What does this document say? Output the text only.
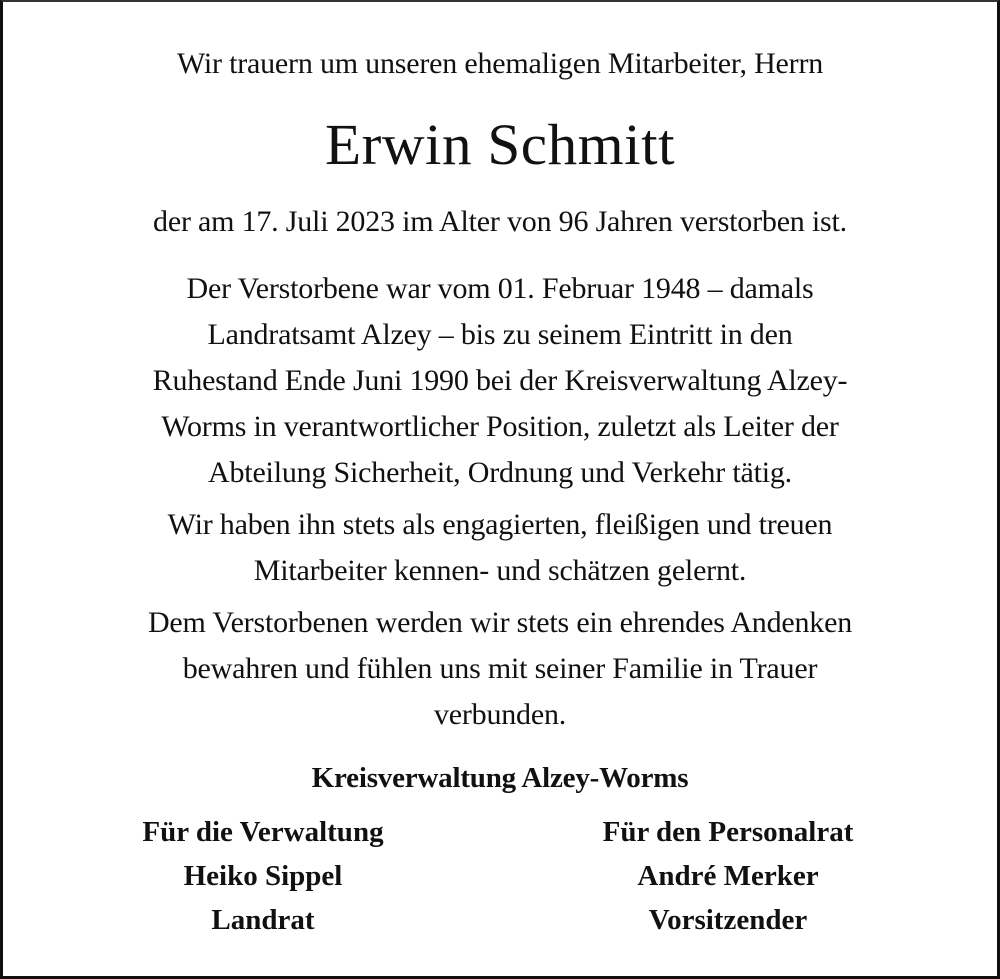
Wir trauern um unseren ehemaligen Mitarbeiter, Herrn
Erwin Schmitt
der am 17. Juli 2023 im Alter von 96 Jahren verstorben ist.
Der Verstorbene war vom 01. Februar 1948 – damals
Landratsamt Alzey – bis zu seinem Eintritt in den
Ruhestand Ende Juni 1990 bei der Kreisverwaltung Alzey-
Worms in verantwortlicher Position, zuletzt als Leiter der
Abteilung Sicherheit, Ordnung und Verkehr tätig.
Wir haben ihn stets als engagierten, fleißigen und treuen
Mitarbeiter kennen- und schätzen gelernt.
Dem Verstorbenen werden wir stets ein ehrendes Andenken
bewahren und fühlen uns mit seiner Familie in Trauer
verbunden.
Kreisverwaltung Alzey-Worms
Für die Verwaltung
Heiko Sippel
Landrat
Für den Personalrat
André Merker
Vorsitzender
